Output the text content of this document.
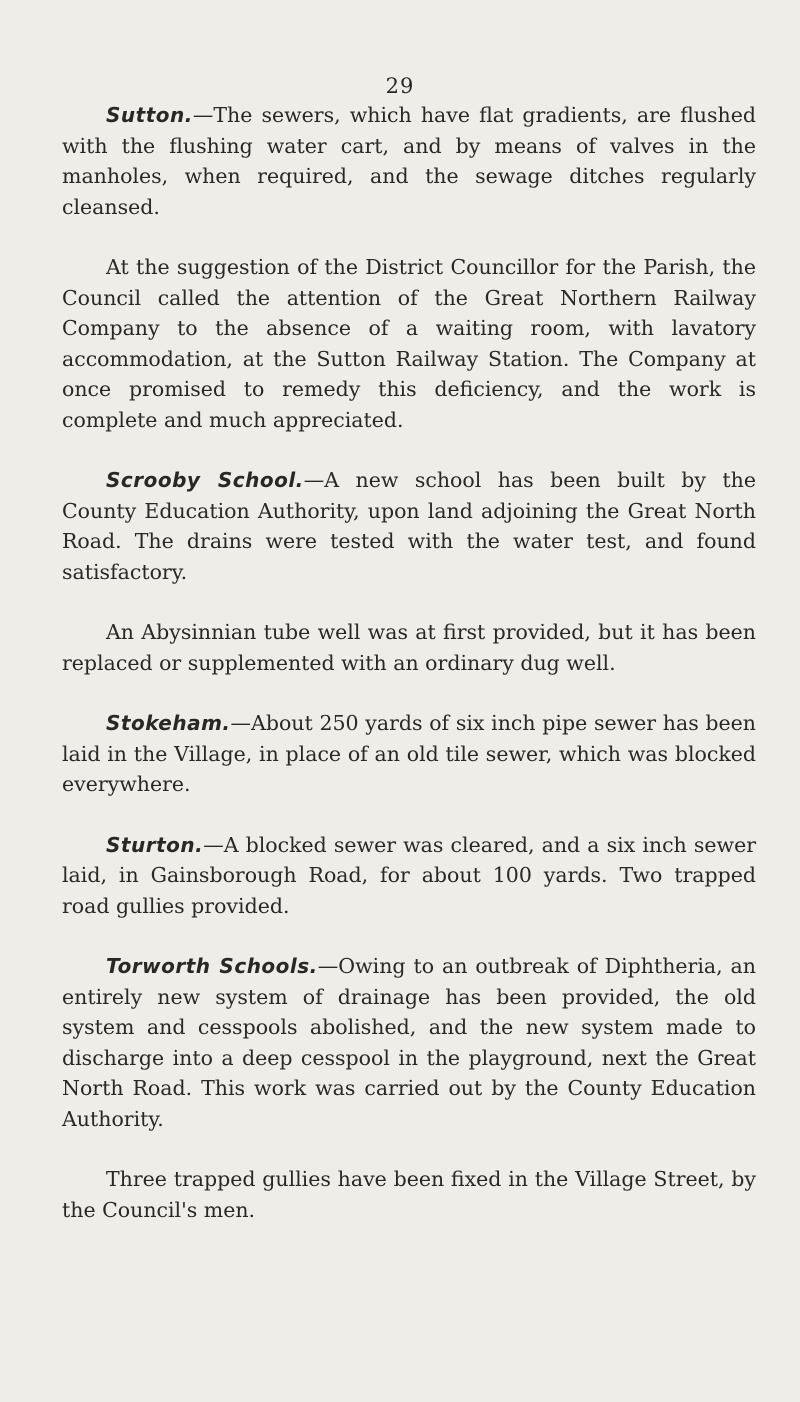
29

Sutton.—The sewers, which have flat gradients, are flushed with the flushing water cart, and by means of valves in the manholes, when required, and the sewage ditches regularly cleansed.

At the suggestion of the District Councillor for the Parish, the Council called the attention of the Great Northern Railway Company to the absence of a waiting room, with lavatory accommodation, at the Sutton Railway Station. The Company at once promised to remedy this deficiency, and the work is complete and much appreciated.

Scrooby School.—A new school has been built by the County Education Authority, upon land adjoining the Great North Road. The drains were tested with the water test, and found satisfactory.

An Abysinnian tube well was at first provided, but it has been replaced or supplemented with an ordinary dug well.

Stokeham.—About 250 yards of six inch pipe sewer has been laid in the Village, in place of an old tile sewer, which was blocked everywhere.

Sturton.—A blocked sewer was cleared, and a six inch sewer laid, in Gainsborough Road, for about 100 yards. Two trapped road gullies provided.

Torworth Schools.—Owing to an outbreak of Diphtheria, an entirely new system of drainage has been provided, the old system and cesspools abolished, and the new system made to discharge into a deep cesspool in the playground, next the Great North Road. This work was carried out by the County Education Authority.

Three trapped gullies have been fixed in the Village Street, by the Council's men.
